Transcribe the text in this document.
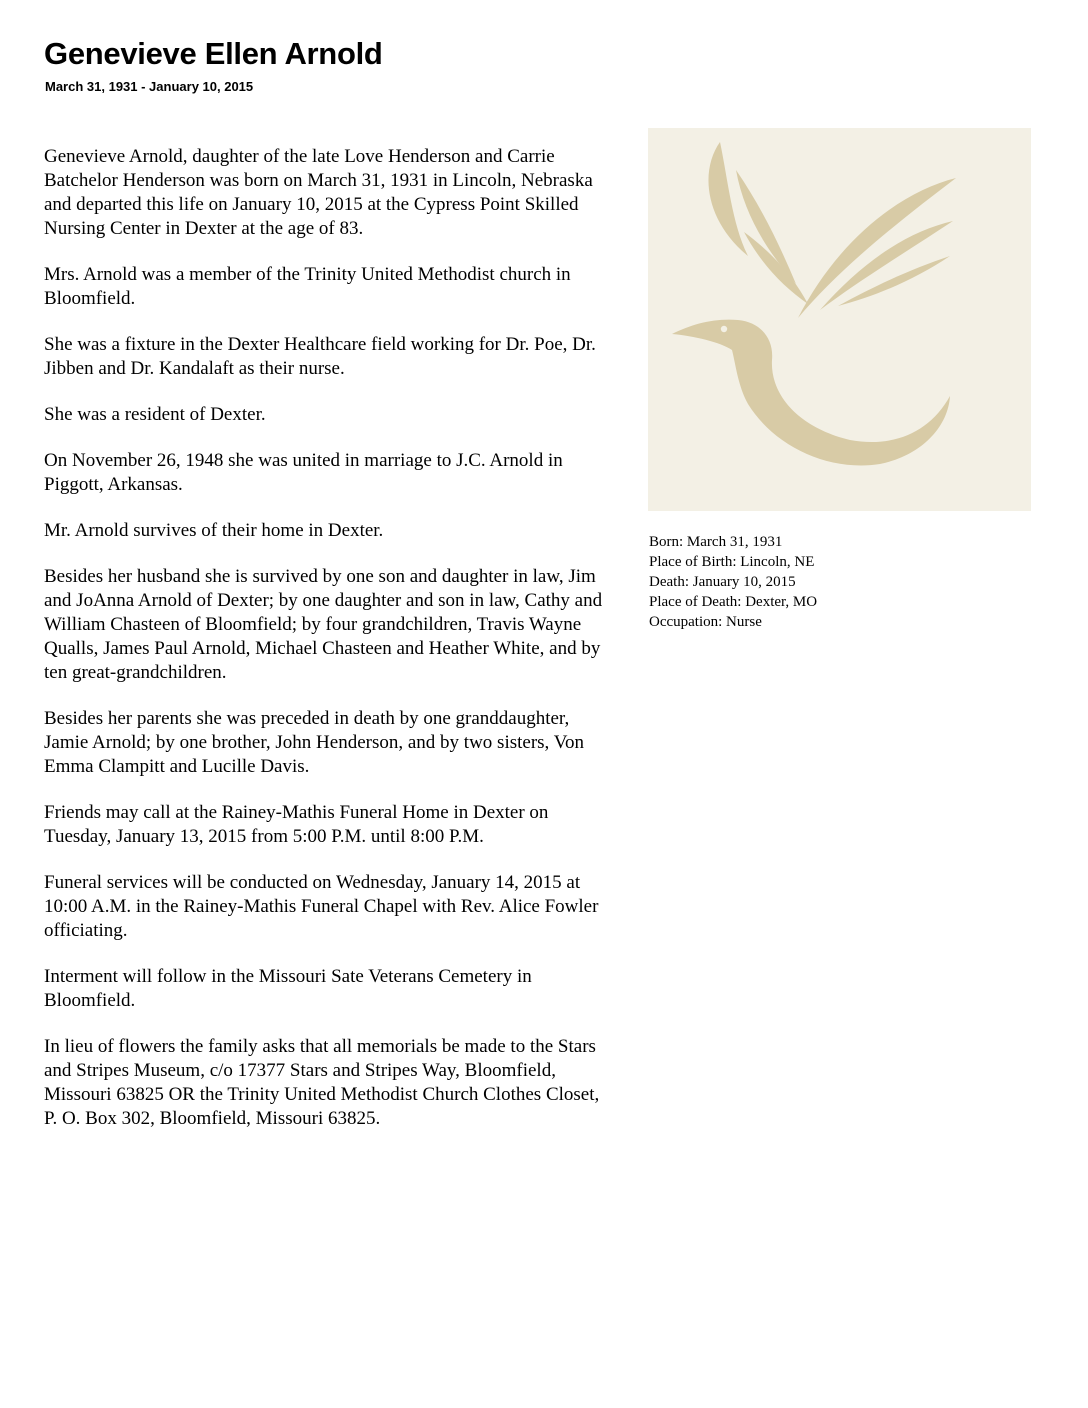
Genevieve Ellen Arnold
March 31, 1931 - January 10, 2015

Genevieve Arnold, daughter of the late Love Henderson and Carrie Batchelor Henderson was born on March 31, 1931 in Lincoln, Nebraska and departed this life on January 10, 2015 at the Cypress Point Skilled Nursing Center in Dexter at the age of 83.

Mrs. Arnold was a member of the Trinity United Methodist church in Bloomfield.

She was a fixture in the Dexter Healthcare field working for Dr. Poe, Dr. Jibben and Dr. Kandalaft as their nurse.

She was a resident of Dexter.

On November 26, 1948 she was united in marriage to J.C. Arnold in Piggott, Arkansas.

Mr. Arnold survives of their home in Dexter.

Besides her husband she is survived by one son and daughter in law, Jim and JoAnna Arnold of Dexter; by one daughter and son in law, Cathy and William Chasteen of Bloomfield; by four grandchildren, Travis Wayne Qualls, James Paul Arnold, Michael Chasteen and Heather White, and by ten great-grandchildren.

Besides her parents she was preceded in death by one granddaughter, Jamie Arnold; by one brother, John Henderson, and by two sisters, Von Emma Clampitt and Lucille Davis.

Friends may call at the Rainey-Mathis Funeral Home in Dexter on Tuesday, January 13, 2015 from 5:00 P.M. until 8:00 P.M.

Funeral services will be conducted on Wednesday, January 14, 2015 at 10:00 A.M. in the Rainey-Mathis Funeral Chapel with Rev. Alice Fowler officiating.

Interment will follow in the Missouri Sate Veterans Cemetery in Bloomfield.

In lieu of flowers the family asks that all memorials be made to the Stars and Stripes Museum, c/o 17377 Stars and Stripes Way, Bloomfield, Missouri 63825 OR the Trinity United Methodist Church Clothes Closet, P. O. Box 302, Bloomfield, Missouri 63825.

Born: March 31, 1931
Place of Birth: Lincoln, NE
Death: January 10, 2015
Place of Death: Dexter, MO
Occupation: Nurse
